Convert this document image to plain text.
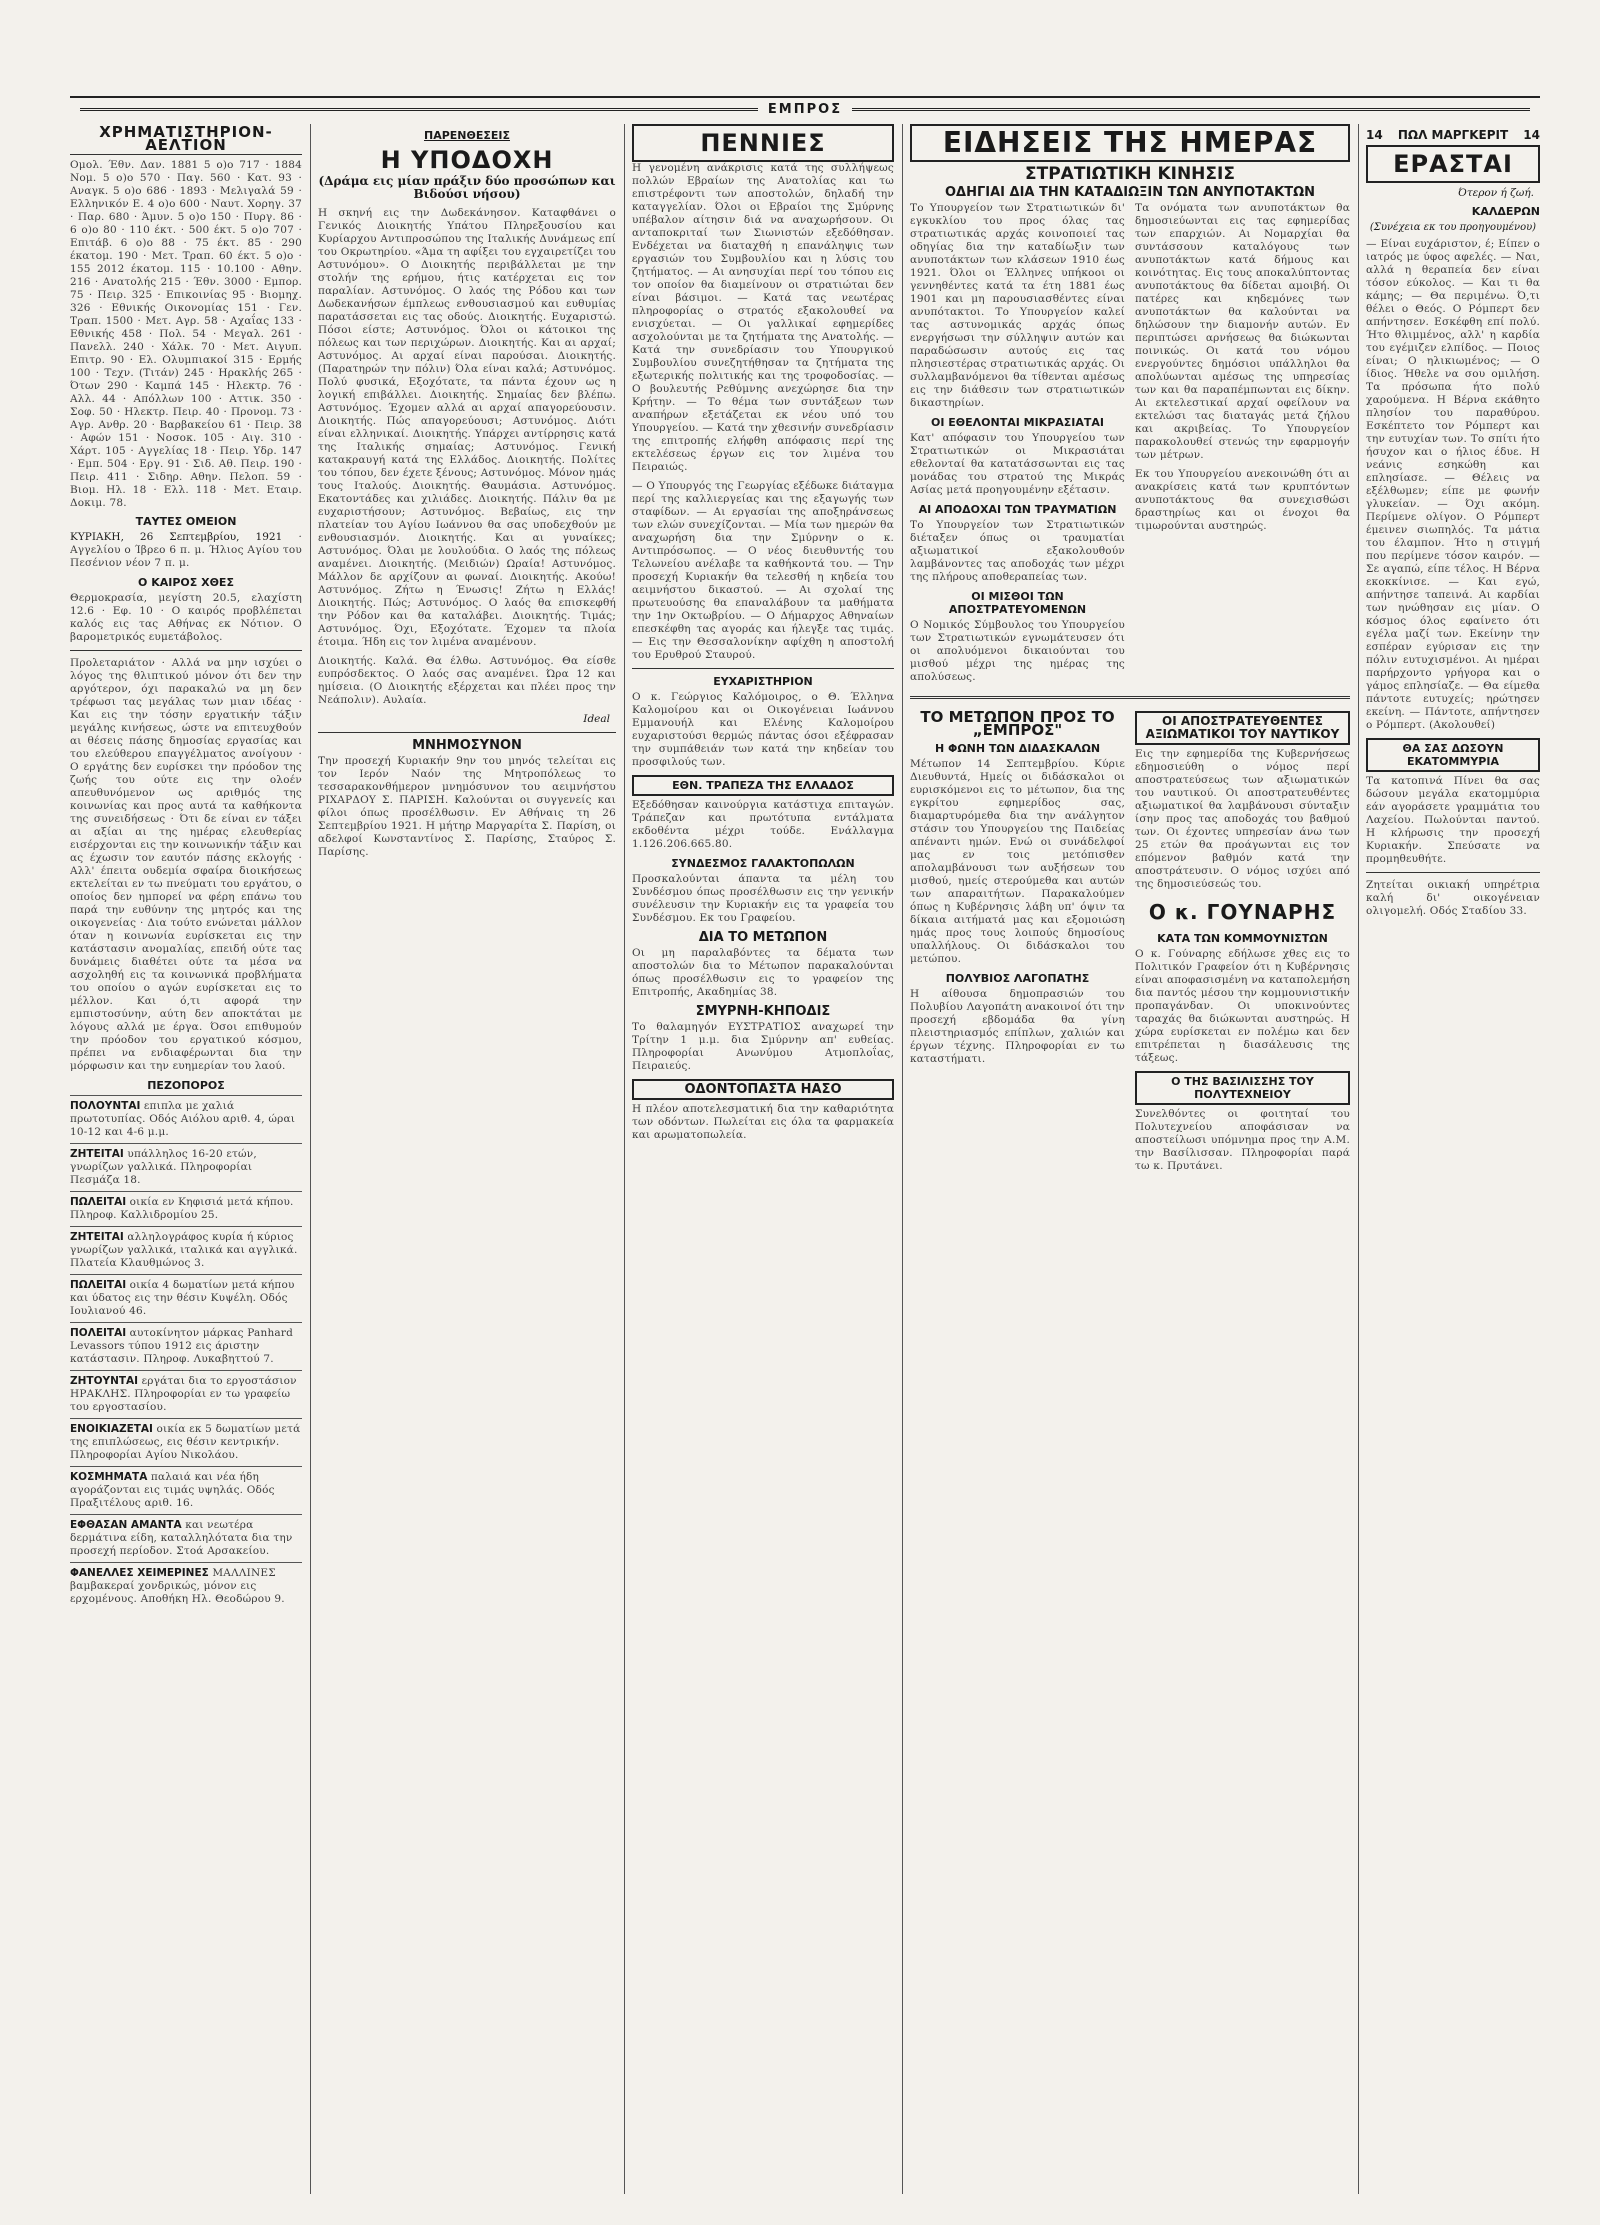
ΕΜΠΡΟΣ
ΧΡΗΜΑΤΙΣΤΗΡΙΟΝ-ΑΕΛΤΙΟΝ
Ομολ. Έθν. Δαν. 1881 5 ο)ο 717 · 1884 Νομ. 5 ο)ο 570 · Παγ. 560 · Κατ. 93 · Αναγκ. 5 ο)ο 686 · 1893 · Μελιγαλά 59 · Ελληνικόν Ε. 4 ο)ο 600 · Ναυτ. Χορηγ. 37 · Παρ. 680 · Άμυν. 5 ο)ο 150 · Πυργ. 86 · 6 ο)ο 80 · 110 έκτ. · 500 έκτ. 5 ο)ο 707 · Επιτάβ. 6 ο)ο 88 · 75 έκτ. 85 · 290 έκατομ. 190 · Μετ. Τραπ. 60 έκτ. 5 ο)ο · 155 2012 έκατομ. 115 · 10.100 · Αθην. 216 · Ανατολής 215 · Έθν. 3000 · Εμπορ. 75 · Πειρ. 325 · Επικοινίας 95 · Βιομηχ. 326 · Εθνικής Οικονομίας 151 · Γεν. Τραπ. 1500 · Μετ. Αγρ. 58 · Αχαΐας 133 · Εθνικής 458 · Πολ. 54 · Μεγαλ. 261 · Πανελλ. 240 · Χάλκ. 70 · Μετ. Αιγυπ. Επιτρ. 90 · Ελ. Ολυμπιακοί 315 · Ερμής 100 · Τεχν. (Τιτάν) 245 · Ηρακλής 265 · Ότων 290 · Καμπά 145 · Ηλεκτρ. 76 · Αλλ. 44 · Απόλλων 100 · Αττικ. 350 · Σοφ. 50 · Ηλεκτρ. Πειρ. 40 · Προνομ. 73 · Αγρ. Ανθρ. 20 · Βαρβακείου 61 · Πειρ. 38 · Αφών 151 · Νοσοκ. 105 · Αιγ. 310 · Χάρτ. 105 · Αγγελίας 18 · Πειρ. Υδρ. 147 · Εμπ. 504 · Εργ. 91 · Σιδ. Αθ. Πειρ. 190 · Πειρ. 411 · Σιδηρ. Αθην. Πελοπ. 59 · Βιομ. Ηλ. 18 · Ελλ. 118 · Μετ. Εταιρ. Δοκιμ. 78.
ΤΑΥΤΕΣ ΟΜΕΙΟΝ

ΚΥΡΙΑΚΗ, 26 Σεπτεμβρίου, 1921 · Αγγελίου ο Ίβρεο 6 π. μ. Ήλιος Αγίου του Πεσένιον νέον 7 π. μ.

Ο ΚΑΙΡΟΣ ΧΘΕΣ

Θερμοκρασία, μεγίστη 20.5, ελαχίστη 12.6 · Εφ. 10 · Ο καιρός προβλέπεται καλός εις τας Αθήνας εκ Νότιον. Ο βαρομετρικός ευμετάβολος.

Προλεταριάτον · Αλλά να μην ισχύει ο λόγος της θλιπτικού μόνον ότι δεν την αργότερον, όχι παρακαλώ να μη δεν τρέφωσι τας μεγάλας των μιαν ιδέας · Και εις την τόσην εργατικήν τάξιν μεγάλης κινήσεως, ώστε να επιτευχθούν αι θέσεις πάσης δημοσίας εργασίας και του ελεύθερου επαγγέλματος ανοίγουν · Ο εργάτης δεν ευρίσκει την πρόοδον της ζωής του ούτε εις την ολοέν απευθυνόμενον ως αριθμός της κοινωνίας και προς αυτά τα καθήκοντα της συνειδήσεως · Ότι δε είναι εν τάξει αι αξίαι αι της ημέρας ελευθερίας εισέρχονται εις την κοινωνικήν τάξιν και ας έχωσιν τον εαυτόν πάσης εκλογής · Αλλ' έπειτα ουδεμία σφαίρα διοικήσεως εκτελείται εν τω πνεύματι του εργάτου, ο οποίος δεν ημπορεί να φέρη επάνω του παρά την ευθύνην της μητρός και της οικογενείας · Δια τούτο ενώνεται μάλλον όταν η κοινωνία ευρίσκεται εις την κατάστασιν ανομαλίας, επειδή ούτε τας δυνάμεις διαθέτει ούτε τα μέσα να ασχοληθή εις τα κοινωνικά προβλήματα του οποίου ο αγών ευρίσκεται εις το μέλλον. Και ό,τι αφορά την εμπιστοσύνην, αύτη δεν αποκτάται με λόγους αλλά με έργα. Όσοι επιθυμούν την πρόοδον του εργατικού κόσμου, πρέπει να ενδιαφέρωνται δια την μόρφωσιν και την ευημερίαν του λαού.

ΠΕΖΟΠΟΡΟΣ

ΠΟΛΟΥΝΤΑΙ επιπλα με χαλιά πρωτοτυπίας. Οδός Αιόλου αριθ. 4, ώραι 10-12 και 4-6 μ.μ.

ΖΗΤΕΙΤΑΙ υπάλληλος 16-20 ετών, γνωρίζων γαλλικά. Πληροφορίαι Πεσμάζα 18.

ΠΩΛΕΙΤΑΙ οικία εν Κηφισιά μετά κήπου. Πληροφ. Καλλιδρομίου 25.

ΖΗΤΕΙΤΑΙ αλληλογράφος κυρία ή κύριος γνωρίζων γαλλικά, ιταλικά και αγγλικά. Πλατεία Κλαυθμώνος 3.

ΠΩΛΕΙΤΑΙ οικία 4 δωματίων μετά κήπου και ύδατος εις την θέσιν Κυψέλη. Οδός Ιουλιανού 46.

ΠΟΛΕΙΤΑΙ αυτοκίνητον μάρκας Panhard Levassors τύπου 1912 εις άριστην κατάστασιν. Πληροφ. Λυκαβηττού 7.

ΖΗΤΟΥΝΤΑΙ εργάται δια το εργοστάσιον ΗΡΑΚΛΗΣ. Πληροφορίαι εν τω γραφείω του εργοστασίου.

ΕΝΟΙΚΙΑΖΕΤΑΙ οικία εκ 5 δωματίων μετά της επιπλώσεως, εις θέσιν κεντρικήν. Πληροφορίαι Αγίου Νικολάου.

ΚΟΣΜΗΜΑΤΑ παλαιά και νέα ήδη αγοράζονται εις τιμάς υψηλάς. Οδός Πραξιτέλους αριθ. 16.

ΕΦΘΑΣΑΝ ΑΜΑΝΤΑ και νεωτέρα δερμάτινα είδη, καταλληλότατα δια την προσεχή περίοδον. Στοά Αρσακείου.

ΦΑΝΕΛΛΕΣ ΧΕΙΜΕΡΙΝΕΣ ΜΑΛΛΙΝΕΣ βαμβακεραί χονδρικώς, μόνον εις ερχομένους. Αποθήκη Ηλ. Θεοδώρου 9.

ΠΑΡΕΝΘΕΣΕΙΣ
Η ΥΠΟΔΟΧΗ
(Δράμα εις μίαν πράξιν δύο προσώπων και Βιδούσι νήσου)

Η σκηνή εις την Δωδεκάνησον. Καταφθάνει ο Γενικός Διοικητής Υπάτου Πληρεξουσίου και Κυρίαρχου Αντιπροσώπου της Ιταλικής Δυνάμεως επί του Οκρωτηρίου. «Άμα τη αφίξει του εγχαιρετίζει του Αστυνόμου». Ο Διοικητής περιβάλλεται με την στολήν της ερήμου, ήτις κατέρχεται εις τον παραλίαν. Αστυνόμος. Ο λαός της Ρόδου και των Δωδεκανήσων έμπλεως ενθουσιασμού και ευθυμίας παρατάσσεται εις τας οδούς. Διοικητής. Ευχαριστώ. Πόσοι είστε; Αστυνόμος. Όλοι οι κάτοικοι της πόλεως και των περιχώρων. Διοικητής. Και αι αρχαί; Αστυνόμος. Αι αρχαί είναι παρούσαι. Διοικητής. (Παρατηρών την πόλιν) Όλα είναι καλά; Αστυνόμος. Πολύ φυσικά, Εξοχότατε, τα πάντα έχουν ως η λογική επιβάλλει. Διοικητής. Σημαίας δεν βλέπω. Αστυνόμος. Έχομεν αλλά αι αρχαί απαγορεύουσιν. Διοικητής. Πώς απαγορεύουσι; Αστυνόμος. Διότι είναι ελληνικαί. Διοικητής. Υπάρχει αντίρρησις κατά της Ιταλικής σημαίας; Αστυνόμος. Γενική κατακραυγή κατά της Ελλάδος. Διοικητής. Πολίτες του τόπου, δεν έχετε ξένους; Αστυνόμος. Μόνον ημάς τους Ιταλούς. Διοικητής. Θαυμάσια. Αστυνόμος. Εκατοντάδες και χιλιάδες. Διοικητής. Πάλιν θα με ευχαριστήσουν; Αστυνόμος. Βεβαίως, εις την πλατείαν του Αγίου Ιωάννου θα σας υποδεχθούν με ενθουσιασμόν. Διοικητής. Και αι γυναίκες; Αστυνόμος. Όλαι με λουλούδια. Ο λαός της πόλεως αναμένει. Διοικητής. (Μειδιών) Ωραία! Αστυνόμος. Μάλλον δε αρχίζουν αι φωναί. Διοικητής. Ακούω! Αστυνόμος. Ζήτω η Ένωσις! Ζήτω η Ελλάς! Διοικητής. Πώς; Αστυνόμος. Ο λαός θα επισκεφθή την Ρόδον και θα καταλάβει. Διοικητής. Τιμάς; Αστυνόμος. Όχι, Εξοχότατε. Έχομεν τα πλοία έτοιμα. Ήδη εις τον λιμένα αναμένουν.

Διοικητής. Καλά. Θα έλθω. Αστυνόμος. Θα είσθε ευπρόσδεκτος. Ο λαός σας αναμένει. Ώρα 12 και ημίσεια. (Ο Διοικητής εξέρχεται και πλέει προς την Νεάπολιν). Αυλαία.

Ideal
ΜΝΗΜΟΣΥΝΟΝ

Την προσεχή Κυριακήν 9ην του μηνός τελείται εις τον Ιερόν Ναόν της Μητροπόλεως το τεσσαρακονθήμερον μνημόσυνον του αειμνήστου ΡΙΧΑΡΔΟΥ Σ. ΠΑΡΙΣΗ. Καλούνται οι συγγενείς και φίλοι όπως προσέλθωσιν. Εν Αθήναις τη 26 Σεπτεμβρίου 1921. Η μήτηρ Μαργαρίτα Σ. Παρίση, οι αδελφοί Κωνσταντίνος Σ. Παρίσης, Σταύρος Σ. Παρίσης.

ΠΕΝΝΙΕΣ

Η γενομένη ανάκρισις κατά της συλλήψεως πολλών Εβραίων της Ανατολίας και τω επιστρέφοντι των αποστολών, δηλαδή την καταγγελίαν. Όλοι οι Εβραίοι της Σμύρνης υπέβαλον αίτησιν διά να αναχωρήσουν. Οι ανταποκριταί των Σιωνιστών εξεδόθησαν. Ενδέχεται να διαταχθή η επανάληψις των εργασιών του Συμβουλίου και η λύσις του ζητήματος. — Αι ανησυχίαι περί του τόπου εις τον οποίον θα διαμείνουν οι στρατιώται δεν είναι βάσιμοι. — Κατά τας νεωτέρας πληροφορίας ο στρατός εξακολουθεί να ενισχύεται. — Οι γαλλικαί εφημερίδες ασχολούνται με τα ζητήματα της Ανατολής. — Κατά την συνεδρίασιν του Υπουργικού Συμβουλίου συνεζητήθησαν τα ζητήματα της εξωτερικής πολιτικής και της τροφοδοσίας. — Ο βουλευτής Ρεθύμνης ανεχώρησε δια την Κρήτην. — Το θέμα των συντάξεων των αναπήρων εξετάζεται εκ νέου υπό του Υπουργείου. — Κατά την χθεσινήν συνεδρίασιν της επιτροπής ελήφθη απόφασις περί της εκτελέσεως έργων εις τον λιμένα του Πειραιώς.

— Ο Υπουργός της Γεωργίας εξέδωκε διάταγμα περί της καλλιεργείας και της εξαγωγής των σταφίδων. — Αι εργασίαι της αποξηράνσεως των ελών συνεχίζονται. — Μία των ημερών θα αναχωρήση δια την Σμύρνην ο κ. Αντιπρόσωπος. — Ο νέος διευθυντής του Τελωνείου ανέλαβε τα καθήκοντά του. — Την προσεχή Κυριακήν θα τελεσθή η κηδεία του αειμνήστου δικαστού. — Αι σχολαί της πρωτευούσης θα επαναλάβουν τα μαθήματα την 1ην Οκτωβρίου. — Ο Δήμαρχος Αθηναίων επεσκέφθη τας αγοράς και ήλεγξε τας τιμάς. — Εις την Θεσσαλονίκην αφίχθη η αποστολή του Ερυθρού Σταυρού.

ΕΥΧΑΡΙΣΤΗΡΙΟΝ

Ο κ. Γεώργιος Καλόμοιρος, ο Θ. Έλληνα Καλομοίρου και οι Οικογένειαι Ιωάννου Εμμανουήλ και Ελένης Καλομοίρου ευχαριστούσι θερμώς πάντας όσοι εξέφρασαν την συμπάθειάν των κατά την κηδείαν του προσφιλούς των.

ΕΘΝ. ΤΡΑΠΕΖΑ ΤΗΣ ΕΛΛΑΔΟΣ

Εξεδόθησαν καινούργια κατάστιχα επιταγών. Τράπεζαν και πρωτότυπα εντάλματα εκδοθέντα μέχρι τούδε. Ενάλλαγμα 1.126.206.665.80.

ΣΥΝΔΕΣΜΟΣ ΓΑΛΑΚΤΟΠΩΛΩΝ

Προσκαλούνται άπαντα τα μέλη του Συνδέσμου όπως προσέλθωσιν εις την γενικήν συνέλευσιν την Κυριακήν εις τα γραφεία του Συνδέσμου. Εκ του Γραφείου.

ΔΙΑ ΤΟ ΜΕΤΩΠΟΝ

Οι μη παραλαβόντες τα δέματα των αποστολών δια το Μέτωπον παρακαλούνται όπως προσέλθωσιν εις το γραφείον της Επιτροπής, Ακαδημίας 38.

ΣΜΥΡΝΗ-ΚΗΠΟΔΙΣ

Το θαλαμηγόν ΕΥΣΤΡΑΤΙΟΣ αναχωρεί την Τρίτην 1 μ.μ. δια Σμύρνην απ' ευθείας. Πληροφορίαι Ανωνύμου Ατμοπλοΐας, Πειραιεύς.

ΟΔΟΝΤΟΠΑΣΤΑ ΗΑΣΟ

Η πλέον αποτελεσματική δια την καθαριότητα των οδόντων. Πωλείται εις όλα τα φαρμακεία και αρωματοπωλεία.

ΕΙΔΗΣΕΙΣ ΤΗΣ ΗΜΕΡΑΣ
ΣΤΡΑΤΙΩΤΙΚΗ ΚΙΝΗΣΙΣ
ΟΔΗΓΙΑΙ ΔΙΑ ΤΗΝ ΚΑΤΑΔΙΩΞΙΝ ΤΩΝ ΑΝΥΠΟΤΑΚΤΩΝ

Το Υπουργείον των Στρατιωτικών δι' εγκυκλίου του προς όλας τας στρατιωτικάς αρχάς κοινοποιεί τας οδηγίας δια την καταδίωξιν των ανυποτάκτων των κλάσεων 1910 έως 1921. Όλοι οι Έλληνες υπήκοοι οι γεννηθέντες κατά τα έτη 1881 έως 1901 και μη παρουσιασθέντες είναι ανυπότακτοι. Το Υπουργείον καλεί τας αστυνομικάς αρχάς όπως ενεργήσωσι την σύλληψιν αυτών και παραδώσωσιν αυτούς εις τας πλησιεστέρας στρατιωτικάς αρχάς. Οι συλλαμβανόμενοι θα τίθενται αμέσως εις την διάθεσιν των στρατιωτικών δικαστηρίων.

ΟΙ ΕΘΕΛΟΝΤΑΙ ΜΙΚΡΑΣΙΑΤΑΙ

Κατ' απόφασιν του Υπουργείου των Στρατιωτικών οι Μικρασιάται εθελονταί θα κατατάσσωνται εις τας μονάδας του στρατού της Μικράς Ασίας μετά προηγουμένην εξέτασιν.

ΑΙ ΑΠΟΔΟΧΑΙ ΤΩΝ ΤΡΑΥΜΑΤΙΩΝ

Το Υπουργείον των Στρατιωτικών διέταξεν όπως οι τραυματίαι αξιωματικοί εξακολουθούν λαμβάνοντες τας αποδοχάς των μέχρι της πλήρους αποθεραπείας των.

ΟΙ ΜΙΣΘΟΙ ΤΩΝ ΑΠΟΣΤΡΑΤΕΥΟΜΕΝΩΝ

Ο Νομικός Σύμβουλος του Υπουργείου των Στρατιωτικών εγνωμάτευσεν ότι οι απολυόμενοι δικαιούνται του μισθού μέχρι της ημέρας της απολύσεως.

Τα ονόματα των ανυποτάκτων θα δημοσιεύωνται εις τας εφημερίδας των επαρχιών. Αι Νομαρχίαι θα συντάσσουν καταλόγους των ανυποτάκτων κατά δήμους και κοινότητας. Εις τους αποκαλύπτοντας ανυποτάκτους θα δίδεται αμοιβή. Οι πατέρες και κηδεμόνες των ανυποτάκτων θα καλούνται να δηλώσουν την διαμονήν αυτών. Εν περιπτώσει αρνήσεως θα διώκωνται ποινικώς. Οι κατά του νόμου ενεργούντες δημόσιοι υπάλληλοι θα απολύωνται αμέσως της υπηρεσίας των και θα παραπέμπωνται εις δίκην. Αι εκτελεστικαί αρχαί οφείλουν να εκτελώσι τας διαταγάς μετά ζήλου και ακριβείας. Το Υπουργείον παρακολουθεί στενώς την εφαρμογήν των μέτρων.

Εκ του Υπουργείου ανεκοινώθη ότι αι ανακρίσεις κατά των κρυπτόντων ανυποτάκτους θα συνεχισθώσι δραστηρίως και οι ένοχοι θα τιμωρούνται αυστηρώς.

ΤΟ ΜΕΤΩΠΟΝ ΠΡΟΣ ΤΟ „ΕΜΠΡΟΣ"
Η ΦΩΝΗ ΤΩΝ ΔΙΔΑΣΚΑΛΩΝ

Μέτωπον 14 Σεπτεμβρίου. Κύριε Διευθυντά, Ημείς οι διδάσκαλοι οι ευρισκόμενοι εις το μέτωπον, δια της εγκρίτου εφημερίδος σας, διαμαρτυρόμεθα δια την ανάλγητον στάσιν του Υπουργείου της Παιδείας απέναντι ημών. Ενώ οι συνάδελφοί μας εν τοις μετόπισθεν απολαμβάνουσι των αυξήσεων του μισθού, ημείς στερούμεθα και αυτών των απαραιτήτων. Παρακαλούμεν όπως η Κυβέρνησις λάβη υπ' όψιν τα δίκαια αιτήματά μας και εξομοιώση ημάς προς τους λοιπούς δημοσίους υπαλλήλους. Οι διδάσκαλοι του μετώπου.

ΠΟΛΥΒΙΟΣ ΛΑΓΟΠΑΤΗΣ

Η αίθουσα δημοπρασιών του Πολυβίου Λαγοπάτη ανακοινοί ότι την προσεχή εβδομάδα θα γίνη πλειστηριασμός επίπλων, χαλιών και έργων τέχνης. Πληροφορίαι εν τω καταστήματι.

ΟΙ ΑΠΟΣΤΡΑΤΕΥΘΕΝΤΕΣ ΑΞΙΩΜΑΤΙΚΟΙ ΤΟΥ ΝΑΥΤΙΚΟΥ

Εις την εφημερίδα της Κυβερνήσεως εδημοσιεύθη ο νόμος περί αποστρατεύσεως των αξιωματικών του ναυτικού. Οι αποστρατευθέντες αξιωματικοί θα λαμβάνουσι σύνταξιν ίσην προς τας αποδοχάς του βαθμού των. Οι έχοντες υπηρεσίαν άνω των 25 ετών θα προάγωνται εις τον επόμενον βαθμόν κατά την αποστράτευσιν. Ο νόμος ισχύει από της δημοσιεύσεώς του.

Ο κ. ΓΟΥΝΑΡΗΣ
ΚΑΤΑ ΤΩΝ ΚΟΜΜΟΥΝΙΣΤΩΝ

Ο κ. Γούναρης εδήλωσε χθες εις το Πολιτικόν Γραφείον ότι η Κυβέρνησις είναι αποφασισμένη να καταπολεμήση δια παντός μέσου την κομμουνιστικήν προπαγάνδαν. Οι υποκινούντες ταραχάς θα διώκωνται αυστηρώς. Η χώρα ευρίσκεται εν πολέμω και δεν επιτρέπεται η διασάλευσις της τάξεως.

Ο ΤΗΣ ΒΑΣΙΛΙΣΣΗΣ ΤΟΥ ΠΟΛΥΤΕΧΝΕΙΟΥ

Συνελθόντες οι φοιτηταί του Πολυτεχνείου αποφάσισαν να αποστείλωσι υπόμνημα προς την Α.Μ. την Βασίλισσαν. Πληροφορίαι παρά τω κ. Πρυτάνει.

14 ΠΩΛ ΜΑΡΓΚΕΡΙΤ 14
ΕΡΑΣΤΑΙ
Ότερον ή ζωή.
ΚΑΛΔΕΡΩΝ
(Συνέχεια εκ του προηγουμένου)

— Είναι ευχάριστον, έ; Είπεν ο ιατρός με ύφος αφελές. — Ναι, αλλά η θεραπεία δεν είναι τόσον εύκολος. — Και τι θα κάμης; — Θα περιμένω. Ό,τι θέλει ο Θεός. Ο Ρόμπερτ δεν απήντησεν. Εσκέφθη επί πολύ. Ήτο θλιμμένος, αλλ' η καρδία του εγέμιζεν ελπίδος. — Ποιος είναι; Ο ηλικιωμένος; — Ο ίδιος. Ήθελε να σου ομιλήση. Τα πρόσωπα ήτο πολύ χαρούμενα. Η Βέρνα εκάθητο πλησίον του παραθύρου. Εσκέπτετο τον Ρόμπερτ και την ευτυχίαν των. Το σπίτι ήτο ήσυχον και ο ήλιος έδυε. Η νεάνις εσηκώθη και επλησίασε. — Θέλεις να εξέλθωμεν; είπε με φωνήν γλυκείαν. — Όχι ακόμη. Περίμενε ολίγον. Ο Ρόμπερτ έμεινεν σιωπηλός. Τα μάτια του έλαμπον. Ήτο η στιγμή που περίμενε τόσον καιρόν. — Σε αγαπώ, είπε τέλος. Η Βέρνα εκοκκίνισε. — Και εγώ, απήντησε ταπεινά. Αι καρδίαι των ηνώθησαν εις μίαν. Ο κόσμος όλος εφαίνετο ότι εγέλα μαζί των. Εκείνην την εσπέραν εγύρισαν εις την πόλιν ευτυχισμένοι. Αι ημέραι παρήρχοντο γρήγορα και ο γάμος επλησίαζε. — Θα είμεθα πάντοτε ευτυχείς; ηρώτησεν εκείνη. — Πάντοτε, απήντησεν ο Ρόμπερτ. (Ακολουθεί)

ΘΑ ΣΑΣ ΔΩΣΟΥΝ ΕΚΑΤΟΜΜΥΡΙΑ

Τα κατοπινά Πίνει θα σας δώσουν μεγάλα εκατομμύρια εάν αγοράσετε γραμμάτια του Λαχείου. Πωλούνται παντού. Η κλήρωσις την προσεχή Κυριακήν. Σπεύσατε να προμηθευθήτε.

Ζητείται οικιακή υπηρέτρια καλή δι' οικογένειαν ολιγομελή. Οδός Σταδίου 33.
